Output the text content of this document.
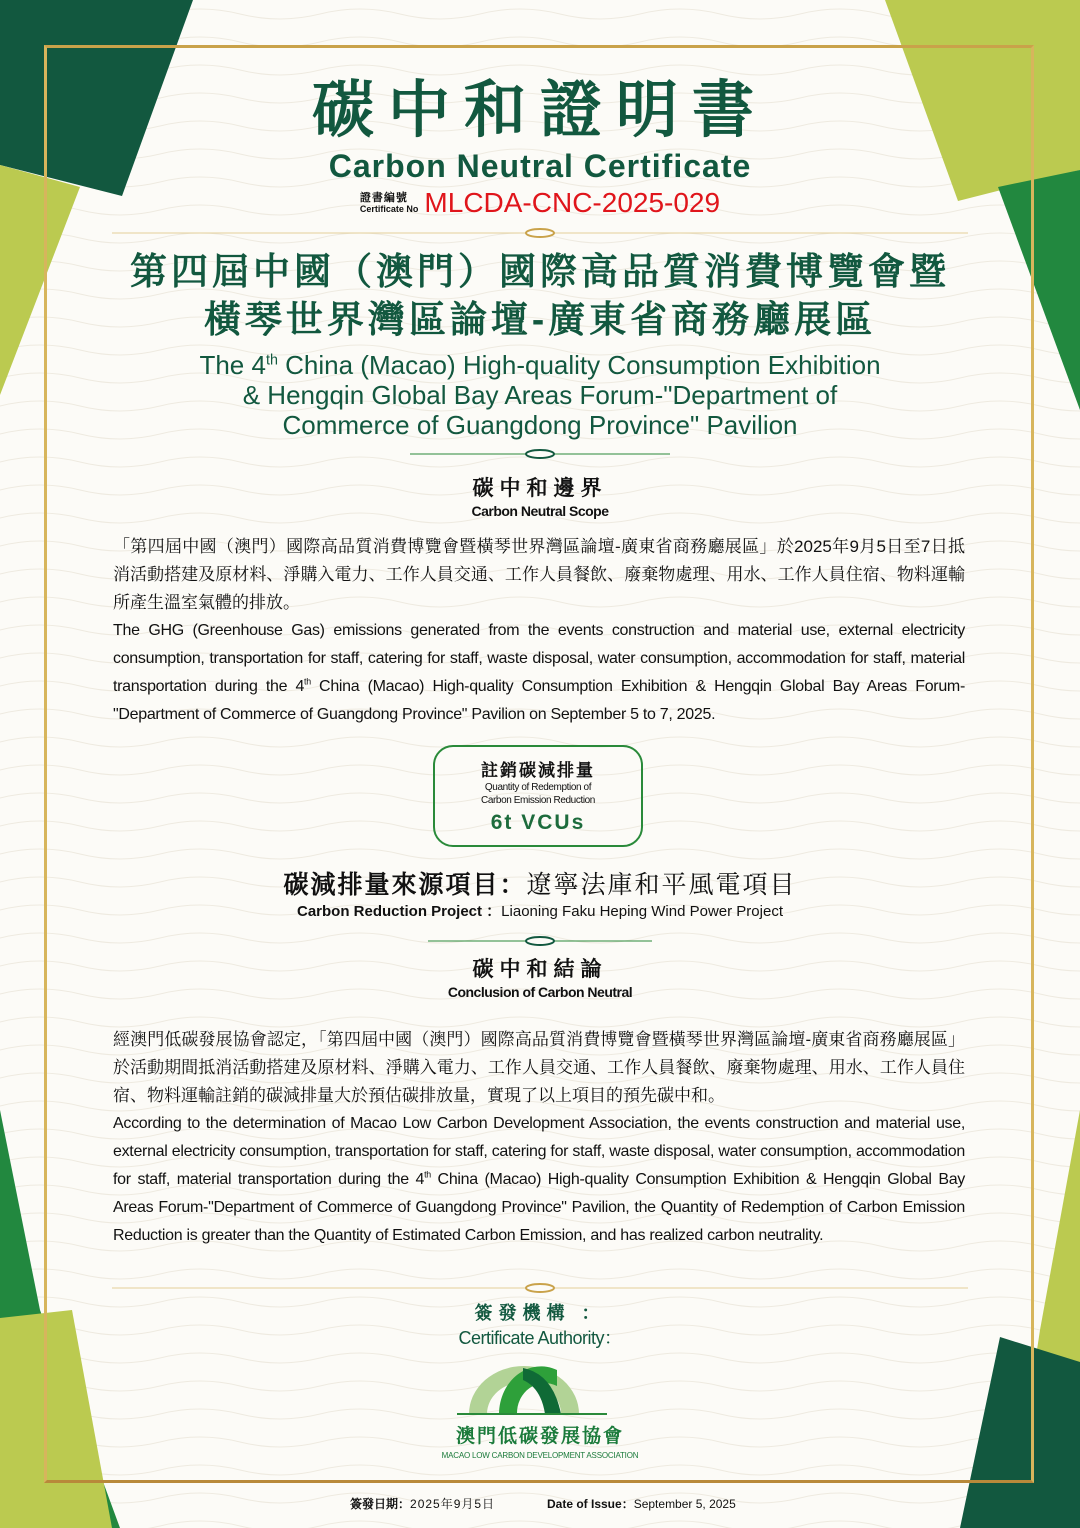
碳中和證明書
Carbon Neutral Certificate
證書編號
Certificate No MLCDA-CNC-2025-029
第四屆中國（澳門）國際高品質消費博覽會暨
橫琴世界灣區論壇-廣東省商務廳展區
The 4th China (Macao) High-quality Consumption Exhibition
& Hengqin Global Bay Areas Forum-"Department of
Commerce of Guangdong Province" Pavilion
碳中和邊界
Carbon Neutral Scope
「第四屆中國（澳門）國際高品質消費博覽會暨橫琴世界灣區論壇-廣東省商務廳展區」於2025年9月5日至7日抵消活動搭建及原材料、淨購入電力、工作人員交通、工作人員餐飲、廢棄物處理、用水、工作人員住宿、物料運輸所產生溫室氣體的排放。
The GHG (Greenhouse Gas) emissions generated from the events construction and material use, external electricity consumption, transportation for staff, catering for staff, waste disposal, water consumption, accommodation for staff, material transportation during the 4th China (Macao) High-quality Consumption Exhibition & Hengqin Global Bay Areas Forum-"Department of Commerce of Guangdong Province" Pavilion on September 5 to 7, 2025.
註銷碳減排量
Quantity of Redemption of
Carbon Emission Reduction
6t VCUs
碳減排量來源項目：遼寧法庫和平風電項目
Carbon Reduction Project ：Liaoning Faku Heping Wind Power Project
碳中和結論
Conclusion of Carbon Neutral
經澳門低碳發展協會認定，「第四屆中國（澳門）國際高品質消費博覽會暨橫琴世界灣區論壇-廣東省商務廳展區」於活動期間抵消活動搭建及原材料、淨購入電力、工作人員交通、工作人員餐飲、廢棄物處理、用水、工作人員住宿、物料運輸註銷的碳減排量大於預估碳排放量，實現了以上項目的預先碳中和。
According to the determination of Macao Low Carbon Development Association, the events construction and material use, external electricity consumption, transportation for staff, catering for staff, waste disposal, water consumption, accommodation for staff, material transportation during the 4th China (Macao) High-quality Consumption Exhibition & Hengqin Global Bay Areas Forum-"Department of Commerce of Guangdong Province" Pavilion, the Quantity of Redemption of Carbon Emission Reduction is greater than the Quantity of Estimated Carbon Emission, and has realized carbon neutrality.
簽發機構 ：
Certificate Authority：
澳門低碳發展協會
MACAO LOW CARBON DEVELOPMENT ASSOCIATION
簽發日期：2025年9月5日	Date of Issue：September 5, 2025
